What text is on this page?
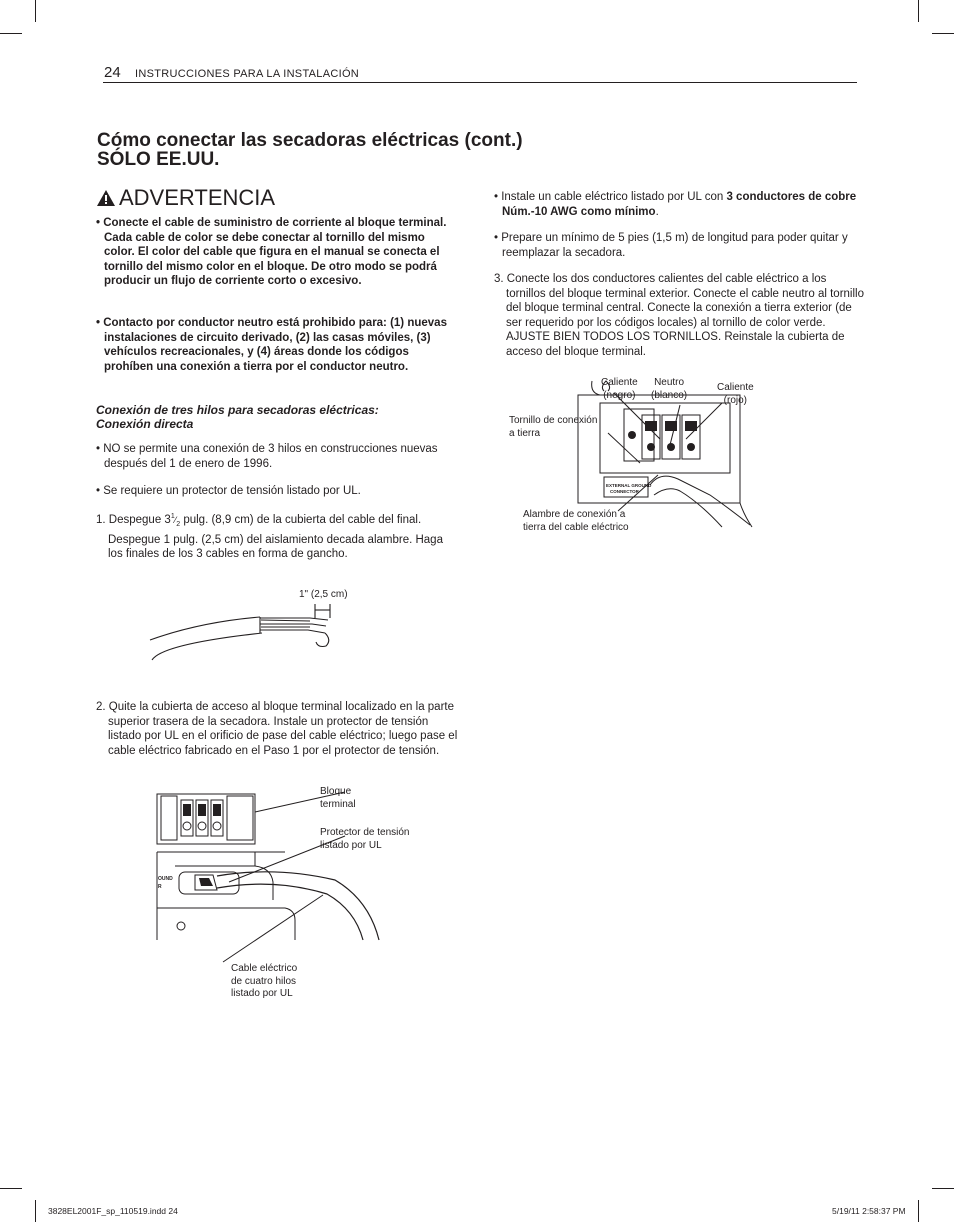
24 INSTRUCCIONES PARA LA INSTALACIÓN
Cómo conectar las secadoras eléctricas (cont.)
SÓLO EE.UU.
ADVERTENCIA
• Conecte el cable de suministro de corriente al bloque terminal. Cada cable de color se debe conectar al tornillo del mismo color. El color del cable que figura en el manual se conecta el tornillo del mismo color en el bloque. De otro modo se podrá producir un flujo de corriente corto o excesivo.
• Contacto por conductor neutro está prohibido para: (1) nuevas instalaciones de circuito derivado, (2) las casas móviles, (3) vehículos recreacionales, y (4) áreas donde los códigos prohíben una conexión a tierra por el conductor neutro.
Conexión de tres hilos para secadoras eléctricas:
Conexión directa
• NO se permite una conexión de 3 hilos en construcciones nuevas después del 1 de enero de 1996.
• Se requiere un protector de tensión listado por UL.
1. Despegue $3^1⁄_2$ pulg. (8,9 cm) de la cubierta del cable del final. Despegue 1 pulg. (2,5 cm) del aislamiento decada alambre. Haga los finales de los 3 cables en forma de gancho.
1" (2,5 cm)
2. Quite la cubierta de acceso al bloque terminal localizado en la parte superior trasera de la secadora. Instale un protector de tensión listado por UL en el orificio de pase del cable eléctrico; luego pase el cable eléctrico fabricado en el Paso 1 por el protector de tensión.
OUND
R
Bloque
terminal
Protector de tensión
listado por UL
Cable eléctrico
de cuatro hilos
listado por UL
• Instale un cable eléctrico listado por UL con 3 conductores de cobre Núm.-10 AWG como mínimo.
• Prepare un mínimo de 5 pies (1,5 m) de longitud para poder quitar y reemplazar la secadora.
3. Conecte los dos conductores calientes del cable eléctrico a los tornillos del bloque terminal exterior. Conecte el cable neutro al tornillo del bloque terminal central. Conecte la conexión a tierra exterior (de ser requerido por los códigos locales) al tornillo de color verde. AJUSTE BIEN TODOS LOS TORNILLOS. Reinstale la cubierta de acceso del bloque terminal.
EXTERNAL GROUND
CONNECTOR
Caliente
(negro)
Neutro
(blanco)
Caliente
(rojo)
Tornillo de conexión
a tierra
Alambre de conexión a
tierra del cable eléctrico
3828EL2001F_sp_110519.indd 24	5/19/11 2:58:37 PM
